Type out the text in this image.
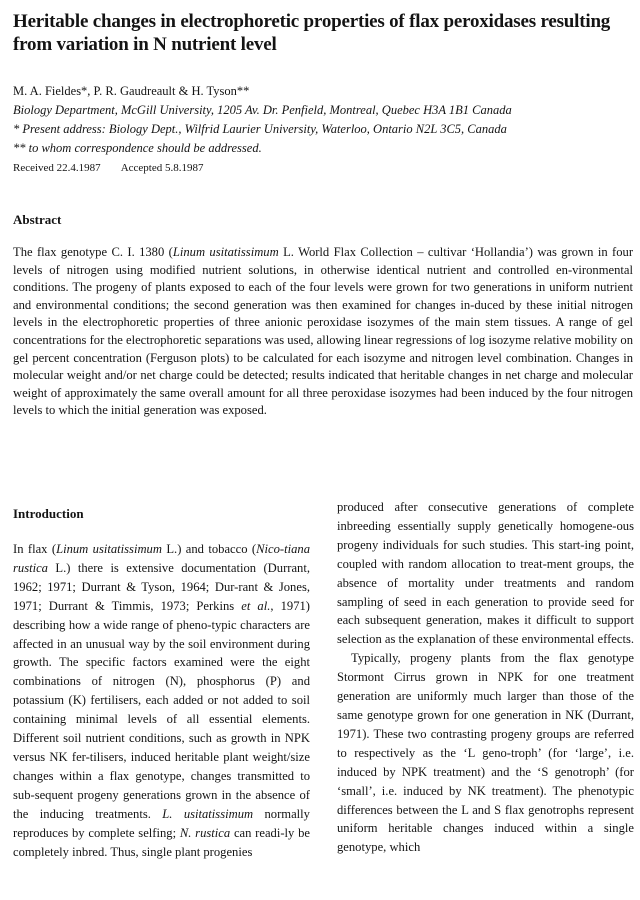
Heritable changes in electrophoretic properties of flax peroxidases resulting from variation in N nutrient level
M. A. Fieldes*, P. R. Gaudreault & H. Tyson**
Biology Department, McGill University, 1205 Av. Dr. Penfield, Montreal, Quebec H3A 1B1 Canada
* Present address: Biology Dept., Wilfrid Laurier University, Waterloo, Ontario N2L 3C5, Canada
** to whom correspondence should be addressed.
Received 22.4.1987 Accepted 5.8.1987
Abstract
The flax genotype C. I. 1380 (Linum usitatissimum L. World Flax Collection – cultivar ‘Hollandia’) was grown in four levels of nitrogen using modified nutrient solutions, in otherwise identical nutrient and controlled en-vironmental conditions. The progeny of plants exposed to each of the four levels were grown for two generations in uniform nutrient and environmental conditions; the second generation was then examined for changes in-duced by these initial nitrogen levels in the electrophoretic properties of three anionic peroxidase isozymes of the main stem tissues. A range of gel concentrations for the electrophoretic separations was used, allowing linear regressions of log isozyme relative mobility on gel percent concentration (Ferguson plots) to be calculated for each isozyme and nitrogen level combination. Changes in molecular weight and/or net charge could be detected; results indicated that heritable changes in net charge and molecular weight of approximately the same overall amount for all three peroxidase isozymes had been induced by the four nitrogen levels to which the initial generation was exposed.
Introduction

In flax (Linum usitatissimum L.) and tobacco (Nico-tiana rustica L.) there is extensive documentation (Durrant, 1962; 1971; Durrant & Tyson, 1964; Dur-rant & Jones, 1971; Durrant & Timmis, 1973; Perkins et al., 1971) describing how a wide range of pheno-typic characters are affected in an unusual way by the soil environment during growth. The specific factors examined were the eight combinations of nitrogen (N), phosphorus (P) and potassium (K) fertilisers, each added or not added to soil containing minimal levels of all essential elements. Different soil nutrient conditions, such as growth in NPK versus NK fer-tilisers, induced heritable plant weight/size changes within a flax genotype, changes transmitted to sub-sequent progeny generations grown in the absence of the inducing treatments. L. usitatissimum normally reproduces by complete selfing; N. rustica can readi-ly be completely inbred. Thus, single plant progenies

produced after consecutive generations of complete inbreeding essentially supply genetically homogene-ous progeny individuals for such studies. This start-ing point, coupled with random allocation to treat-ment groups, the absence of mortality under treatments and random sampling of seed in each generation to provide seed for each subsequent generation, makes it difficult to support selection as the explanation of these environmental effects.

Typically, progeny plants from the flax genotype Stormont Cirrus grown in NPK for one treatment generation are uniformly much larger than those of the same genotype grown for one generation in NK (Durrant, 1971). These two contrasting progeny groups are referred to respectively as the ‘L geno-troph’ (for ‘large’, i.e. induced by NPK treatment) and the ‘S genotroph’ (for ‘small’, i.e. induced by NK treatment). The phenotypic differences between the L and S flax genotrophs represent uniform heritable changes induced within a single genotype, which
